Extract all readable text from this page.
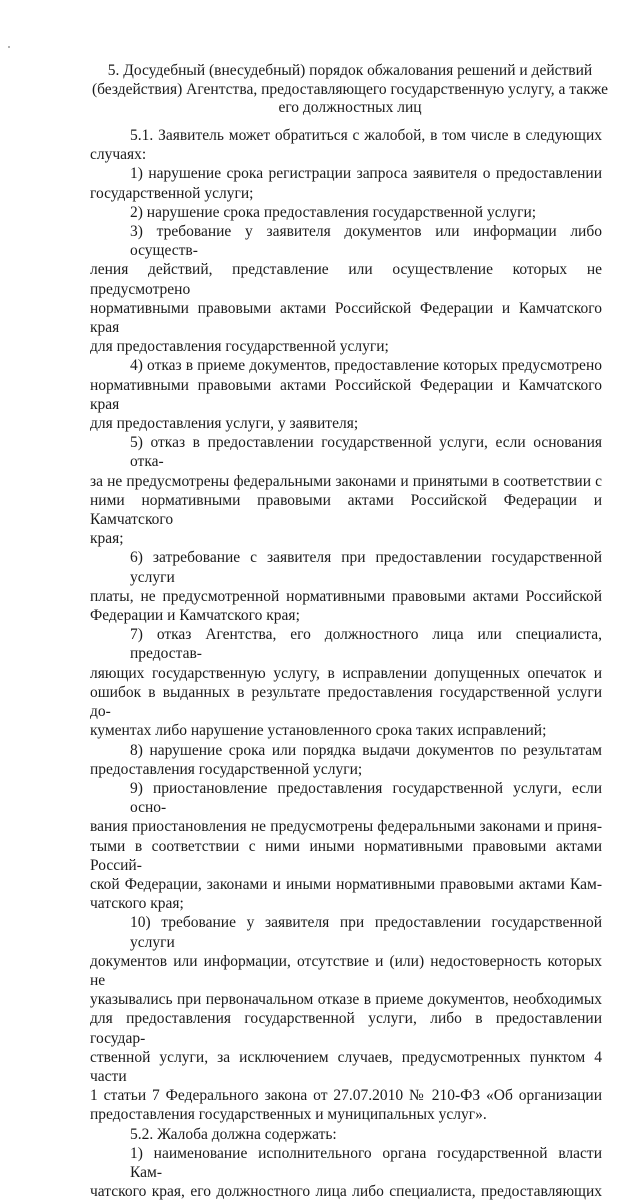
5. Досудебный (внесудебный) порядок обжалования решений и действий
(бездействия) Агентства, предоставляющего государственную услугу, а также
его должностных лиц
5.1. Заявитель может обратиться с жалобой, в том числе в следующих
случаях:
1) нарушение срока регистрации запроса заявителя о предоставлении
государственной услуги;
2) нарушение срока предоставления государственной услуги;
3) требование у заявителя документов или информации либо осуществ-
ления действий, представление или осуществление которых не предусмотрено
нормативными правовыми актами Российской Федерации и Камчатского края
для предоставления государственной услуги;
4) отказ в приеме документов, предоставление которых предусмотрено
нормативными правовыми актами Российской Федерации и Камчатского края
для предоставления услуги, у заявителя;
5) отказ в предоставлении государственной услуги, если основания отка-
за не предусмотрены федеральными законами и принятыми в соответствии с
ними нормативными правовыми актами Российской Федерации и Камчатского
края;
6) затребование с заявителя при предоставлении государственной услуги
платы, не предусмотренной нормативными правовыми актами Российской
Федерации и Камчатского края;
7) отказ Агентства, его должностного лица или специалиста, предостав-
ляющих государственную услугу, в исправлении допущенных опечаток и
ошибок в выданных в результате предоставления государственной услуги до-
кументах либо нарушение установленного срока таких исправлений;
8) нарушение срока или порядка выдачи документов по результатам
предоставления государственной услуги;
9) приостановление предоставления государственной услуги, если осно-
вания приостановления не предусмотрены федеральными законами и приня-
тыми в соответствии с ними иными нормативными правовыми актами Россий-
ской Федерации, законами и иными нормативными правовыми актами Кам-
чатского края;
10) требование у заявителя при предоставлении государственной услуги
документов или информации, отсутствие и (или) недостоверность которых не
указывались при первоначальном отказе в приеме документов, необходимых
для предоставления государственной услуги, либо в предоставлении государ-
ственной услуги, за исключением случаев, предусмотренных пунктом 4 части
1 статьи 7 Федерального закона от 27.07.2010 № 210-ФЗ «Об организации
предоставления государственных и муниципальных услуг».
5.2. Жалоба должна содержать:
1) наименование исполнительного органа государственной власти Кам-
чатского края, его должностного лица либо специалиста, предоставляющих
